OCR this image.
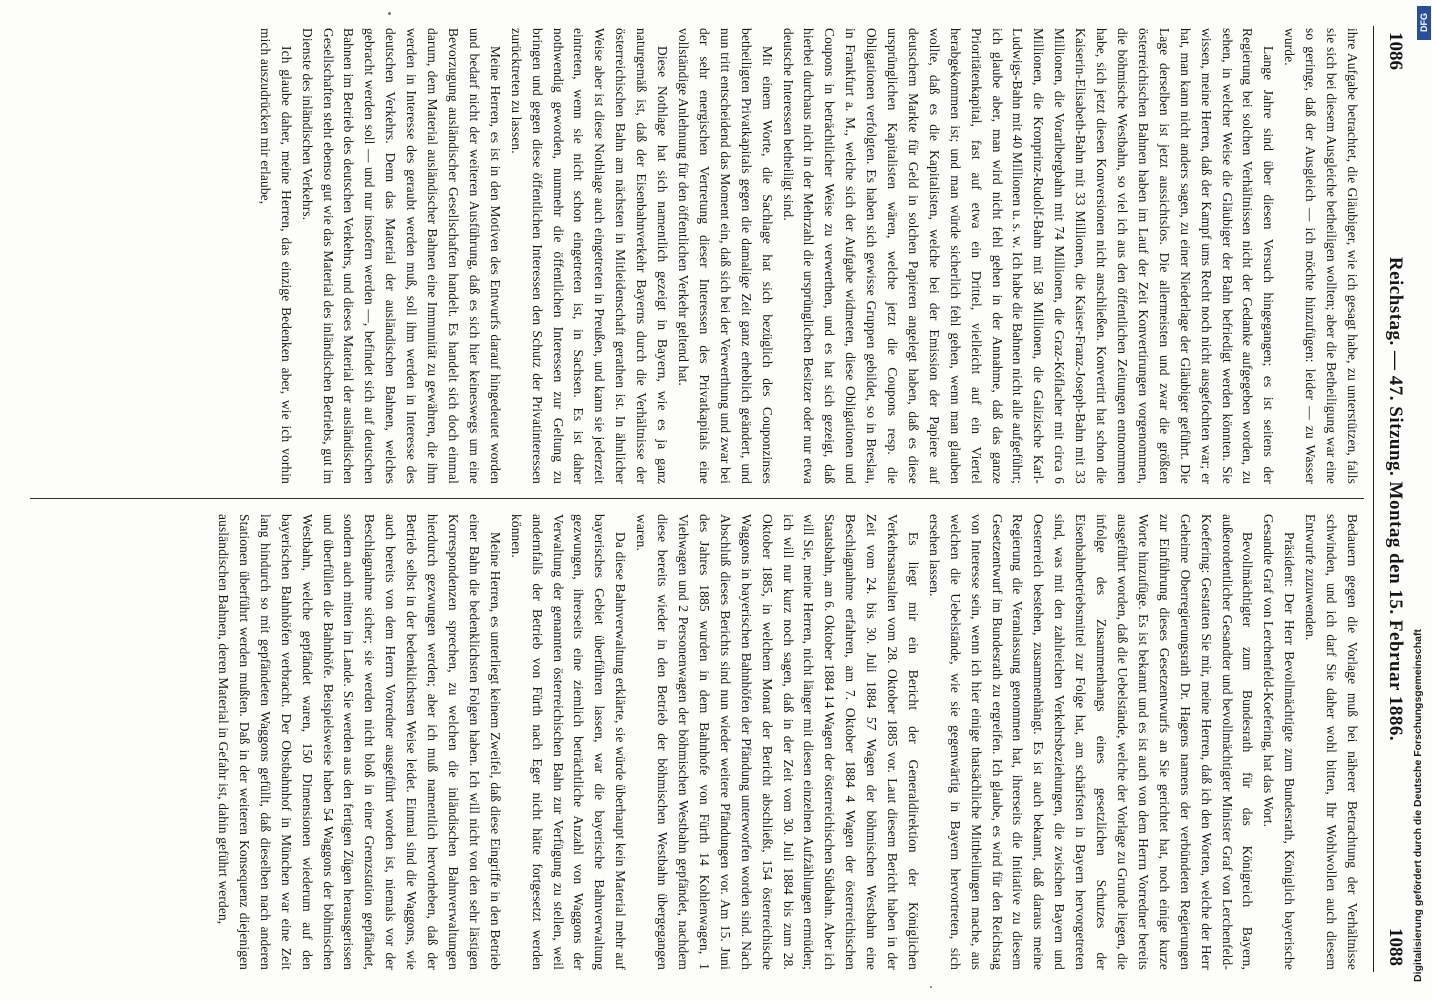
1086
Reichstag. — 47. Sitzung. Montag den 15. Februar 1886.
1088

ihre Aufgabe betrachtet, die Gläubiger, wie ich gesagt habe, zu unterstützen, falls sie sich bei diesem Ausgleiche betheiligen wollten; aber die Betheiligung war eine so geringe, daß der Ausgleich — ich möchte hinzufügen: leider — zu Wasser wurde.

Lange Jahre sind über diesen Versuch hingegangen; es ist seitens der Regierung bei solchen Verhältnissen nicht der Gedanke aufgegeben worden, zu sehen, in welcher Weise die Gläubiger der Bahn befriedigt werden könnten. Sie wissen, meine Herren, daß der Kampf ums Recht noch nicht ausgefochten war; er hat, man kann nicht anders sagen, zu einer Niederlage der Gläubiger geführt. Die Lage derselben ist jetzt aussichtslos. Die allermeisten und zwar die größten österreichischen Bahnen haben im Lauf der Zeit Konvertirungen vorgenommen, die böhmische Westbahn, so viel ich aus den öffentlichen Zeitungen entnommen habe, sich jetzt diesen Konversionen nicht anschließen. Konvertirt hat schon die Kaiserin-Elisabeth-Bahn mit 33 Millionen, die Kaiser-Franz-Joseph-Bahn mit 33 Millionen, die Vorarlbergbahn mit 74 Millionen, die Graz-Köflacher mit circa 6 Millionen, die Kronprinz-Rudolf-Bahn mit 58 Millionen, die Galizische Karl-Ludwigs-Bahn mit 40 Millionen u. s. w. Ich habe die Bahnen nicht alle aufgeführt; ich glaube aber, man wird nicht fehl gehen in der Annahme, daß das ganze Prioritätenkapital, fast auf etwa ein Drittel, vielleicht auf ein Viertel herabgekommen ist; und man würde sicherlich fehl gehen, wenn man glauben wollte, daß es die Kapitalisten, welche bei der Emission der Papiere auf deutschem Markte für Geld in solchen Papieren angelegt haben, daß es diese ursprünglichen Kapitalisten wären, welche jetzt die Coupons resp. die Obligationen verfolgten. Es haben sich gewisse Gruppen gebildet, so in Breslau, in Frankfurt a. M., welche sich der Aufgabe widmeten, diese Obligationen und Coupons in beträchtlicher Weise zu verwerthen, und es hat sich gezeigt, daß hierbei durchaus nicht in der Mehrzahl die ursprünglichen Besitzer oder nur etwa deutsche Interessen betheiligt sind.

Mit einem Worte, die Sachlage hat sich bezüglich des Couponzinses betheiligten Privatkapitals gegen die damalige Zeit ganz erheblich geändert, und nun tritt entscheidend das Moment ein, daß sich bei der Verwerthung und zwar bei der sehr energischen Vertretung dieser Interessen des Privatkapitals eine vollständige Anlehnung für den öffentlichen Verkehr geltend hat.

Diese Nothlage hat sich namentlich gezeigt in Bayern, wie es ja ganz naturgemäß ist, daß der Eisenbahnverkehr Bayerns durch die Verhältnisse der österreichischen Bahn am nächsten in Mitleidenschaft gerathen ist. In ähnlicher Weise aber ist diese Nothlage auch eingetreten in Preußen, und kann sie jederzeit eintreten, wenn sie nicht schon eingetreten ist, in Sachsen. Es ist daher nothwendig geworden, nunmehr die öffentlichen Interessen zur Geltung zu bringen und gegen diese öffentlichen Interessen den Schutz der Privatinteressen zurücktreten zu lassen.

Meine Herren, es ist in den Motiven des Entwurfs darauf hingedeutet worden und bedarf nicht der weiteren Ausführung, daß es sich hier keineswegs um eine Bevorzugung ausländischer Gesellschaften handelt. Es handelt sich doch einmal darum, dem Material ausländischer Bahnen eine Immunität zu gewähren, die ihm werden in Interesse des geraubt werden muß, soll ihm werden in Interesse des deutschen Verkehrs. Denn das Material der ausländischen Bahnen, welches gebracht werden soll — und nur insofern werden —, befindet sich auf deutschen Bahnen im Betrieb des deutschen Verkehrs, und dieses Material der ausländischen Gesellschaften steht ebenso gut wie das Material des inländischen Betriebs, gut im Dienste des inländischen Verkehrs.

Ich glaube daher, meine Herren, das einzige Bedenken aber, wie ich vorhin mich auszudrücken mir erlaube,

Bedauern gegen die Vorlage muß bei näherer Betrachtung der Verhältnisse schwinden, und ich darf Sie daher wohl bitten, Ihr Wohlwollen auch diesem Entwurfe zuzuwenden.

Präsident: Der Herr Bevollmächtigte zum Bundesrath, Königlich bayerische Gesandte Graf von Lerchenfeld-Koefering, hat das Wort.

Bevollmächtigter zum Bundesrath für das Königreich Bayern, außerordentlicher Gesandter und bevollmächtigter Minister Graf von Lerchenfeld-Koefering: Gestatten Sie mir, meine Herren, daß ich den Worten, welche der Herr Geheime Oberregierungsrath Dr. Hagens namens der verbündeten Regierungen zur Einführung dieses Gesetzentwurfs an Sie gerichtet hat, noch einige kurze Worte hinzufüge. Es ist bekannt und es ist auch von dem Herrn Vorredner bereits ausgeführt worden, daß die Uebelstände, welche der Vorlage zu Grunde liegen, die infolge des Zusammenhangs eines gesetzlichen Schutzes der Eisenbahnbetriebsmittel zur Folge hat, am schärfsten in Bayern hervorgetreten sind, was mit den zahlreichen Verkehrsbeziehungen, die zwischen Bayern und Oesterreich bestehen, zusammenhängt. Es ist auch bekannt, daß daraus meine Regierung die Veranlassung genommen hat, ihrerseits die Initiative zu diesem Gesetzentwurf im Bundesrath zu ergreifen. Ich glaube, es wird für den Reichstag von Interesse sein, wenn ich hier einige thatsächliche Mittheilungen mache, aus welchen die Uebelstände, wie sie gegenwärtig in Bayern hervortreten, sich ersehen lassen.

Es liegt mir ein Bericht der Generaldirektion der Königlichen Verkehrsanstalten vom 28. Oktober 1885 vor. Laut diesem Bericht haben in der Zeit vom 24. bis 30. Juli 1884 57 Wagen der böhmischen Westbahn eine Beschlagnahme erfahren, am 7. Oktober 1884 4 Wagen der österreichischen Staatsbahn, am 6. Oktober 1884 14 Wagen der österreichischen Südbahn. Aber ich will Sie, meine Herren, nicht länger mit diesen einzelnen Aufzählungen ermüden; ich will nur kurz noch sagen, daß in der Zeit vom 30. Juli 1884 bis zum 28. Oktober 1885, in welchem Monat der Bericht abschließt, 154 österreichische Waggons in bayerischen Bahnhöfen der Pfändung unterworfen worden sind. Nach Abschluß dieses Berichts sind nun wieder weitere Pfändungen vor. Am 15. Juni des Jahres 1885 wurden in dem Bahnhofe von Fürth 14 Kohlenwagen, 1 Viehwagen und 2 Personenwagen der böhmischen Westbahn gepfändet, nachdem diese bereits wieder in den Betrieb der böhmischen Westbahn übergegangen waren.

Da diese Bahnverwaltung erklärte, sie würde überhaupt kein Material mehr auf bayerisches Gebiet überführen lassen, war die bayerische Bahnverwaltung gezwungen, ihrerseits eine ziemlich beträchtliche Anzahl von Waggons der Verwaltung der genannten österreichischen Bahn zur Verfügung zu stellen, weil andernfalls der Betrieb von Fürth nach Eger nicht hätte fortgesetzt werden können.

Meine Herren, es unterliegt keinem Zweifel, daß diese Eingriffe in den Betrieb einer Bahn die bedenklichsten Folgen haben. Ich will nicht von den sehr lästigen Korrespondenzen sprechen, zu welchen die inländischen Bahnverwaltungen hierdurch gezwungen werden; aber ich muß namentlich hervorheben, daß der Betrieb selbst in der bedenklichsten Weise leidet. Einmal sind die Waggons, wie auch bereits von dem Herrn Vorredner ausgeführt worden ist, niemals vor der Beschlagnahme sicher; sie werden nicht bloß in einer Grenzstation gepfändet, sondern auch mitten im Lande. Sie werden aus den fertigen Zügen herausgerissen und überfüllen die Bahnhöfe. Beispielsweise haben 54 Waggons der böhmischen Westbahn, welche gepfändet waren, 150 Dimensionen wiederum auf den bayerischen Bahnhöfen verbracht. Der Obstbahnhof in München war eine Zeit lang hindurch so mit gepfändeten Waggons gefüllt, daß dieselben nach anderen Stationen überführt werden mußten. Daß in der weiteren Konsequenz diejenigen ausländischen Bahnen, deren Material in Gefahr ist, dahin geführt werden,

DFG
Digitalisierung gefördert durch die Deutsche Forschungsgemeinschaft
